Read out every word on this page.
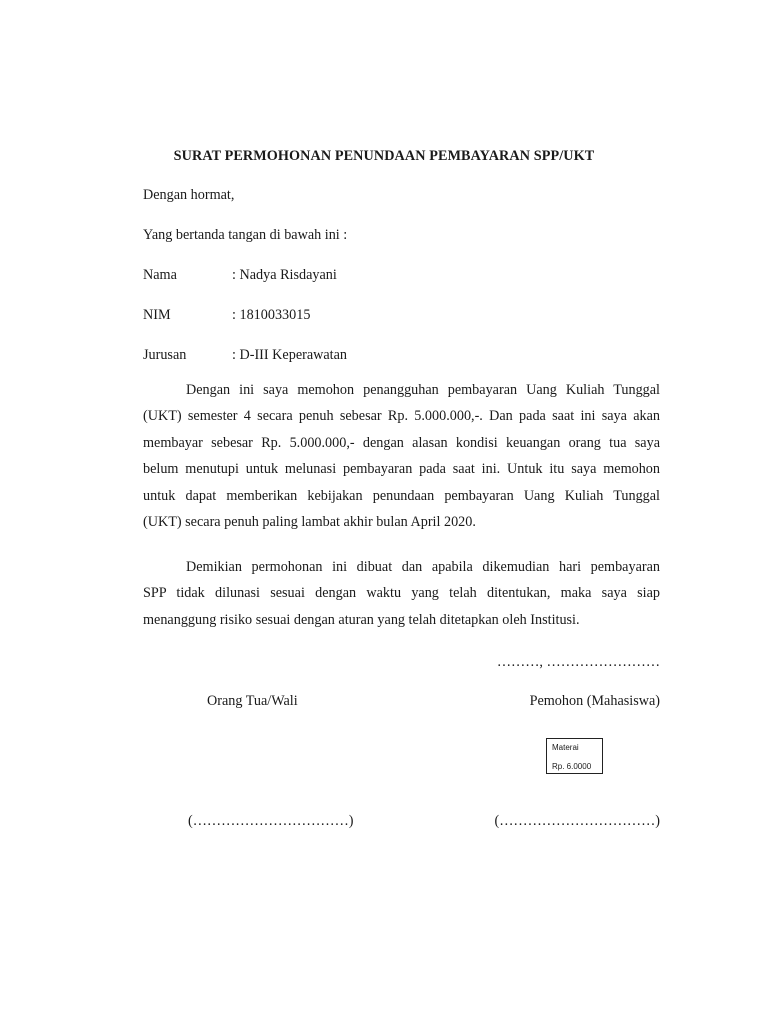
SURAT PERMOHONAN PENUNDAAN PEMBAYARAN SPP/UKT
Dengan hormat,
Yang bertanda tangan di bawah ini :
Nama	: Nadya Risdayani
NIM	: 1810033015
Jurusan	: D-III Keperawatan
Dengan ini saya memohon penangguhan pembayaran Uang Kuliah Tunggal
(UKT) semester 4 secara penuh sebesar Rp. 5.000.000,-. Dan pada saat ini saya akan
membayar sebesar Rp. 5.000.000,- dengan alasan kondisi keuangan orang tua saya
belum menutupi untuk melunasi pembayaran pada saat ini. Untuk itu saya memohon
untuk dapat memberikan kebijakan penundaan pembayaran Uang Kuliah Tunggal
(UKT) secara penuh paling lambat akhir bulan April 2020.
Demikian permohonan ini dibuat dan apabila dikemudian hari pembayaran
SPP tidak dilunasi sesuai dengan waktu yang telah ditentukan, maka saya siap
menanggung risiko sesuai dengan aturan yang telah ditetapkan oleh Institusi.
………, ……………………
Orang Tua/Wali	Pemohon (Mahasiswa)
Materai
Rp. 6.0000
(……………………………)	(……………………………)
